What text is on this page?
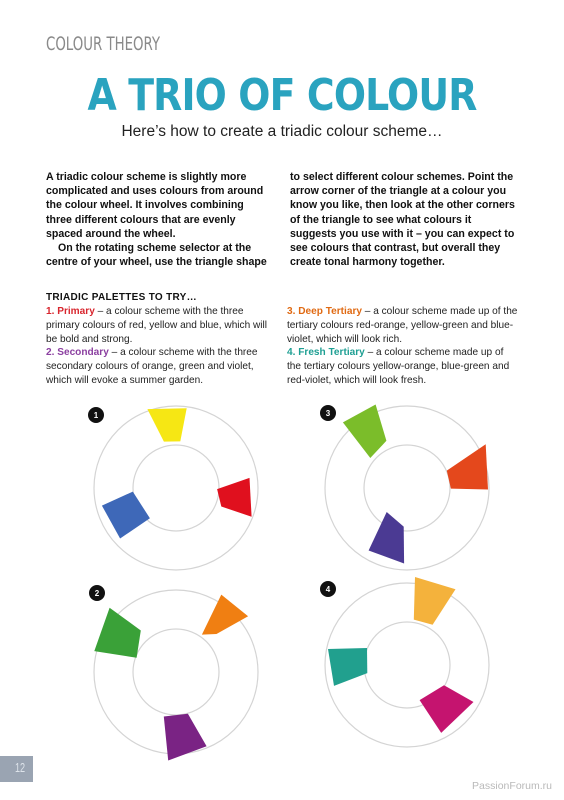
COLOUR THEORY
A TRIO OF COLOUR
Here’s how to create a triadic colour scheme…

A triadic colour scheme is slightly more complicated and uses colours from around the colour wheel. It involves combining three different colours that are evenly spaced around the wheel.

On the rotating scheme selector at the centre of your wheel, use the triangle shape

to select different colour schemes. Point the arrow corner of the triangle at a colour you know you like, then look at the other corners of the triangle to see what colours it suggests you use with it – you can expect to see colours that contrast, but overall they create tonal harmony together.

TRIADIC PALETTES TO TRY…
1. Primary – a colour scheme with the three primary colours of red, yellow and blue, which will be bold and strong.
2. Secondary – a colour scheme with the three secondary colours of orange, green and violet, which will evoke a summer garden.
3. Deep Tertiary – a colour scheme made up of the tertiary colours red-orange, yellow-green and blue-violet, which will look rich.
4. Fresh Tertiary – a colour scheme made up of the tertiary colours yellow-orange, blue-green and red-violet, which will look fresh.
1	3
2	4
12
PassionForum.ru
